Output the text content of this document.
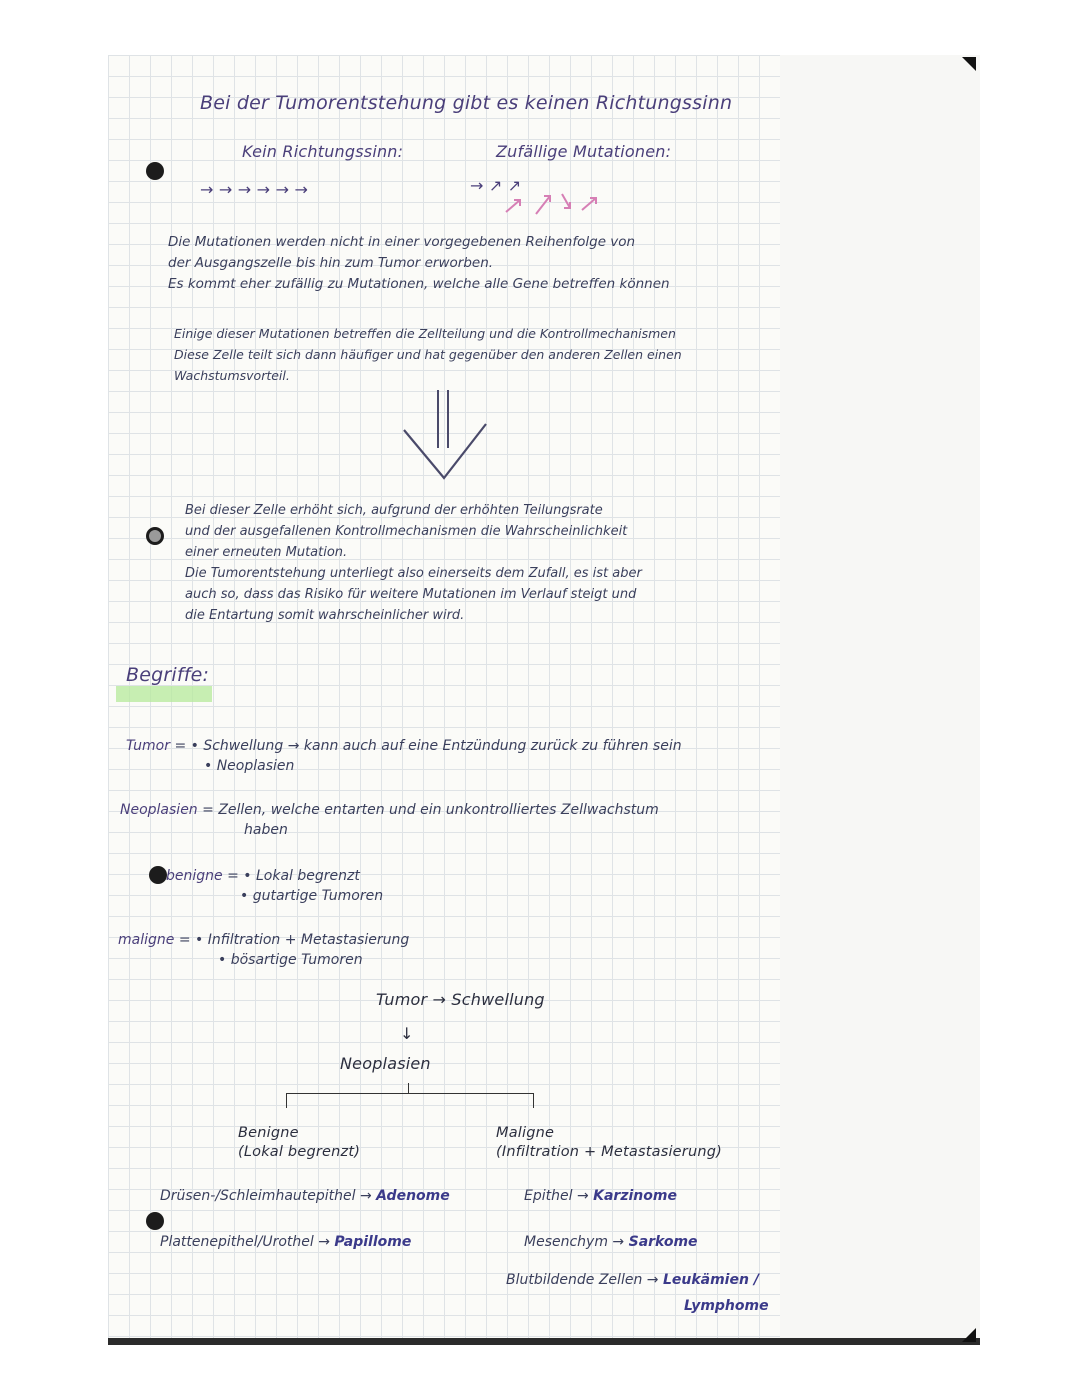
Bei der Tumorentstehung gibt es keinen Richtungssinn
Kein Richtungssinn:	Zufällige Mutationen:
→ → → → → →	→ ↗ ↗
Die Mutationen werden nicht in einer vorgegebenen Reihenfolge von
der Ausgangszelle bis hin zum Tumor erworben.
Es kommt eher zufällig zu Mutationen, welche alle Gene betreffen können
Einige dieser Mutationen betreffen die Zellteilung und die Kontrollmechanismen
Diese Zelle teilt sich dann häufiger und hat gegenüber den anderen Zellen einen
Wachstumsvorteil.
Bei dieser Zelle erhöht sich, aufgrund der erhöhten Teilungsrate
und der ausgefallenen Kontrollmechanismen die Wahrscheinlichkeit
einer erneuten Mutation.
Die Tumorentstehung unterliegt also einerseits dem Zufall, es ist aber
auch so, dass das Risiko für weitere Mutationen im Verlauf steigt und
die Entartung somit wahrscheinlicher wird.
Begriffe:
Tumor = • Schwellung → kann auch auf eine Entzündung zurück zu führen sein
• Neoplasien
Neoplasien = Zellen, welche entarten und ein unkontrolliertes Zellwachstum
haben
benigne = • Lokal begrenzt
• gutartige Tumoren
maligne = • Infiltration + Metastasierung
• bösartige Tumoren
Tumor → Schwellung
↓
Neoplasien
Benigne
(Lokal begrenzt)
Maligne
(Infiltration + Metastasierung)
Drüsen-/Schleimhautepithel → Adenome
Plattenepithel/Urothel → Papillome
Epithel → Karzinome
Mesenchym → Sarkome
Blutbildende Zellen → Leukämien /
Lymphome
